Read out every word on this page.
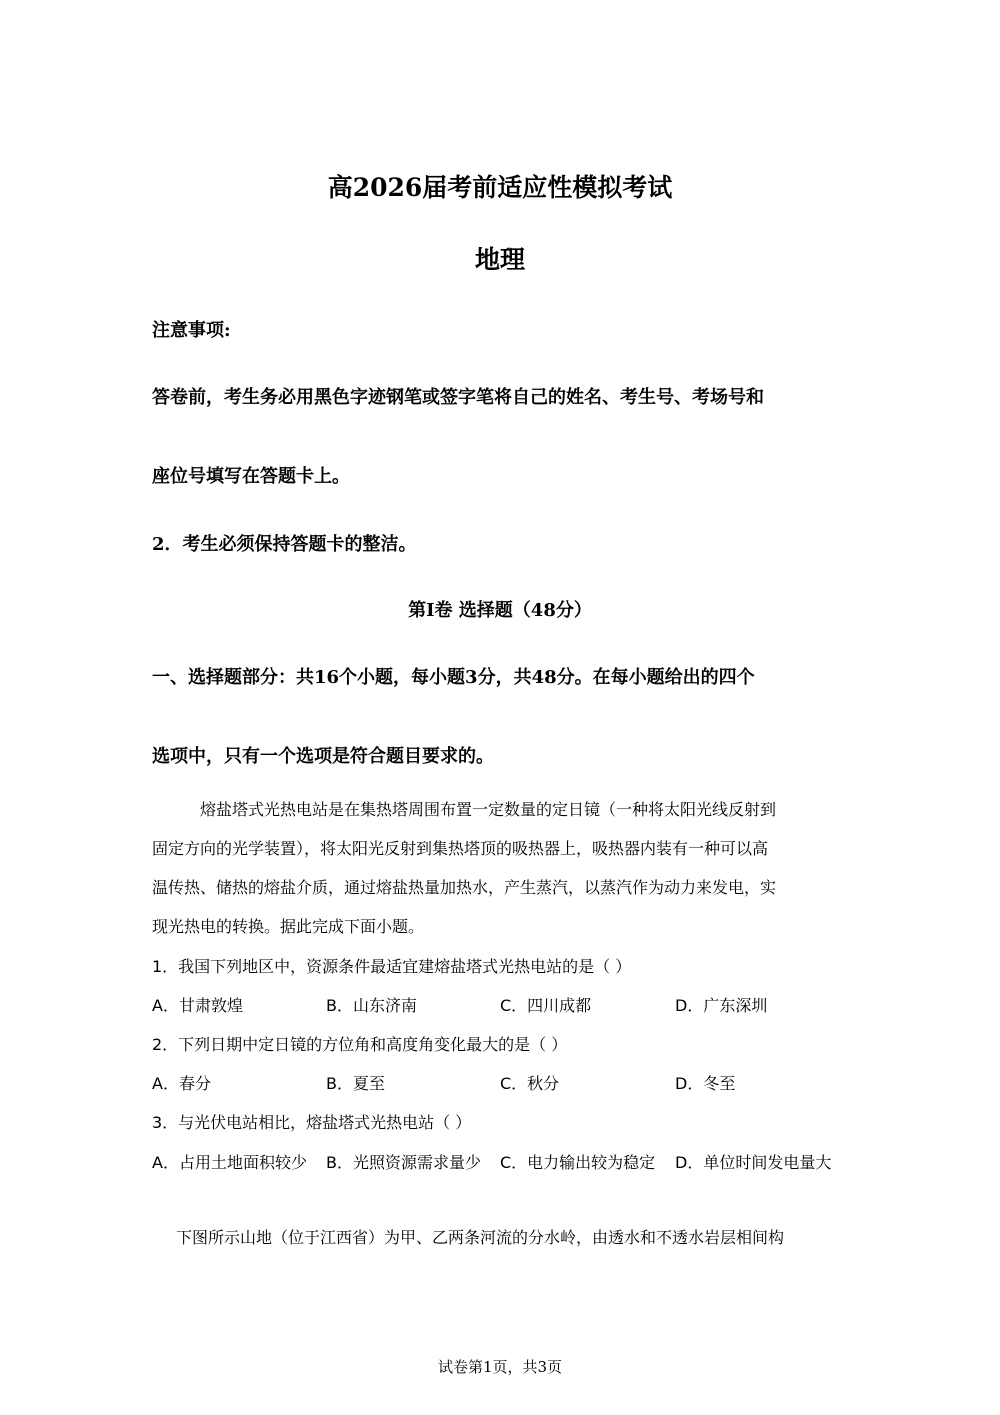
高2026届考前适应性模拟考试
地理
注意事项:
答卷前，考生务必用黑色字迹钢笔或签字笔将自己的姓名、考生号、考场号和
座位号填写在答题卡上。
2．考生必须保持答题卡的整洁。
第I卷 选择题（48分）
一、选择题部分：共16个小题，每小题3分，共48分。在每小题给出的四个
选项中，只有一个选项是符合题目要求的。
熔盐塔式光热电站是在集热塔周围布置一定数量的定日镜（一种将太阳光线反射到
固定方向的光学装置），将太阳光反射到集热塔顶的吸热器上，吸热器内装有一种可以高
温传热、储热的熔盐介质，通过熔盐热量加热水，产生蒸汽，以蒸汽作为动力来发电，实
现光热电的转换。据此完成下面小题。
1．我国下列地区中，资源条件最适宜建熔盐塔式光热电站的是（ ）
A．甘肃敦煌	B．山东济南	C．四川成都	D．广东深圳
2．下列日期中定日镜的方位角和高度角变化最大的是（ ）
A．春分	B．夏至	C．秋分	D．冬至
3．与光伏电站相比，熔盐塔式光热电站（ ）
A．占用土地面积较少 B．光照资源需求量少 C．电力输出较为稳定 D．单位时间发电量大
下图所示山地（位于江西省）为甲、乙两条河流的分水岭，由透水和不透水岩层相间构
试卷第1页，共3页
